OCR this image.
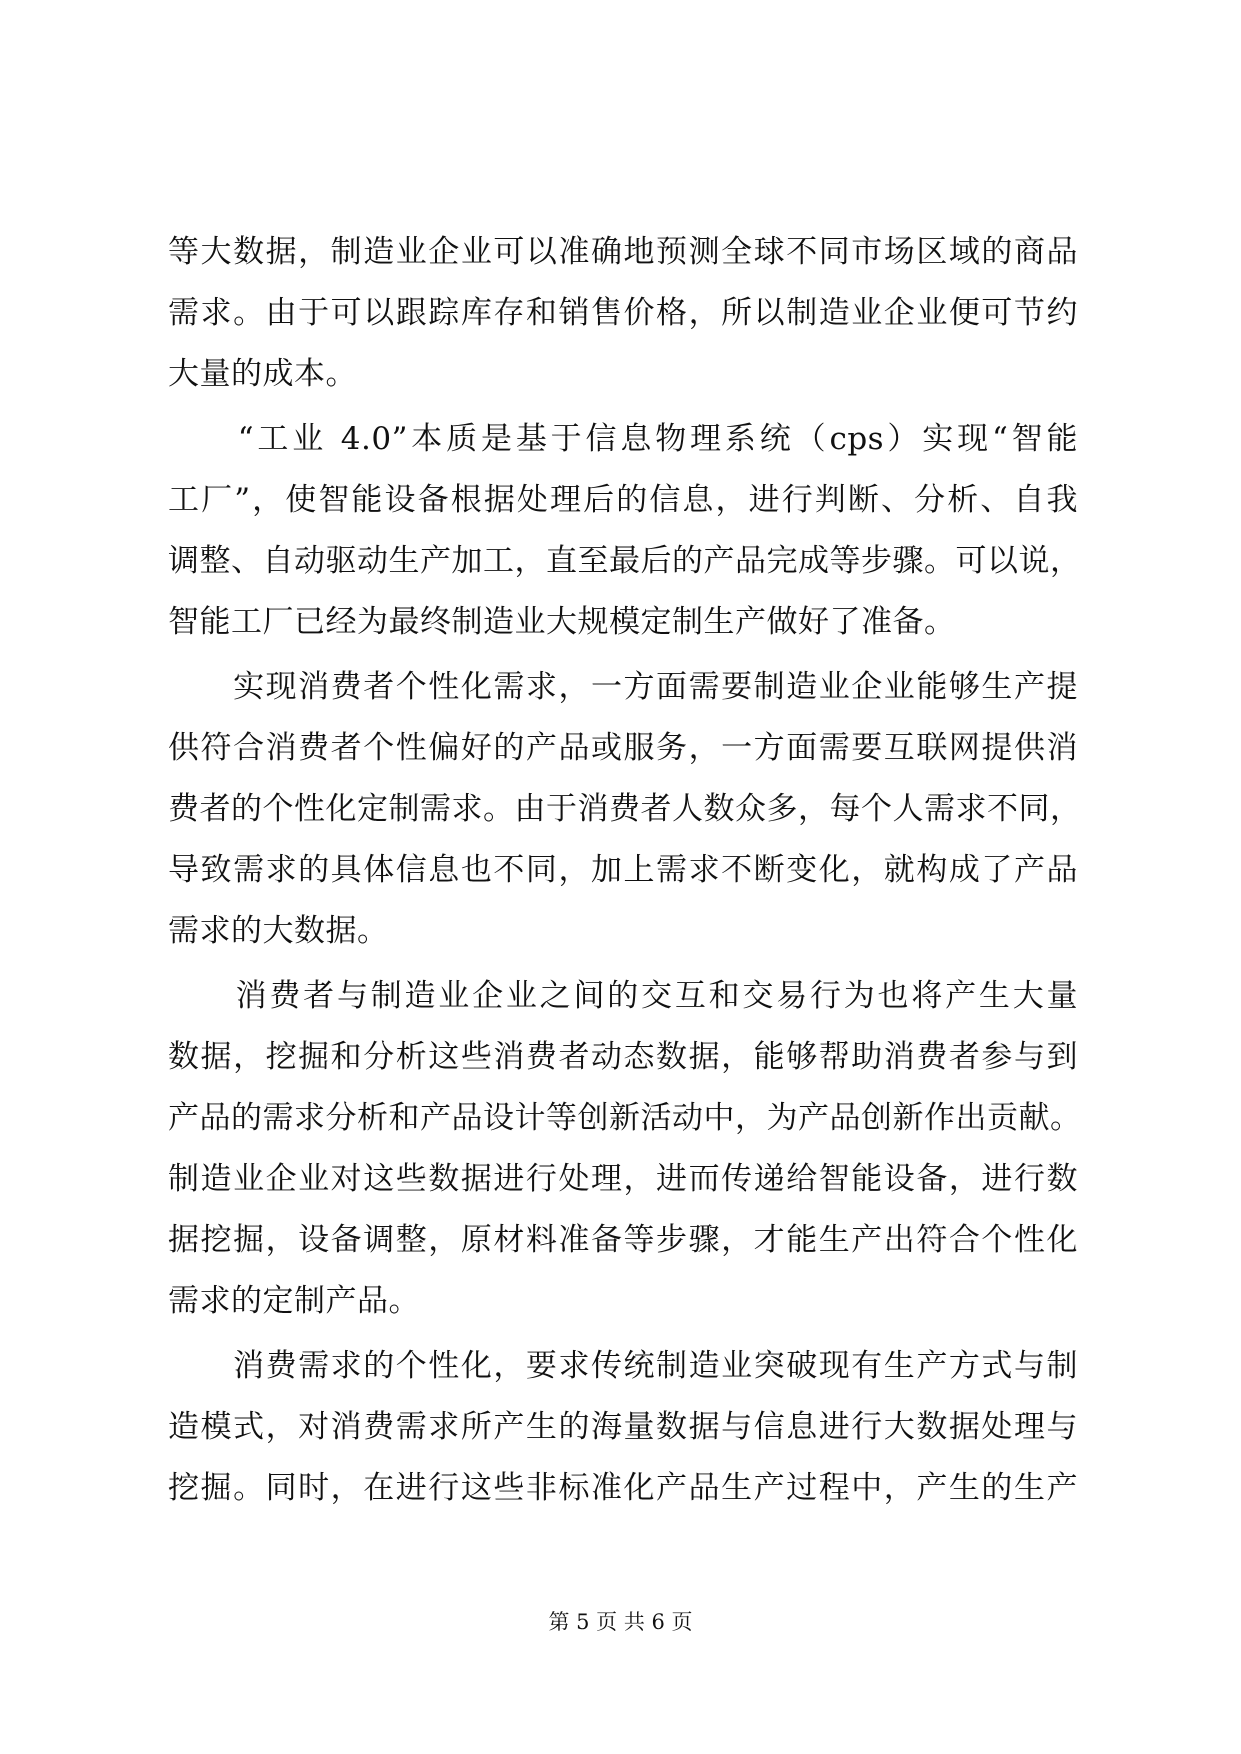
等大数据，制造业企业可以准确地预测全球不同市场区域的商品
需求。由于可以跟踪库存和销售价格，所以制造业企业便可节约
大量的成本。
　　“工业 4.0”本质是基于信息物理系统（cps）实现“智能
工厂”，使智能设备根据处理后的信息，进行判断、分析、自我
调整、自动驱动生产加工，直至最后的产品完成等步骤。可以说，
智能工厂已经为最终制造业大规模定制生产做好了准备。
　　实现消费者个性化需求，一方面需要制造业企业能够生产提
供符合消费者个性偏好的产品或服务，一方面需要互联网提供消
费者的个性化定制需求。由于消费者人数众多，每个人需求不同，
导致需求的具体信息也不同，加上需求不断变化，就构成了产品
需求的大数据。
　　消费者与制造业企业之间的交互和交易行为也将产生大量
数据，挖掘和分析这些消费者动态数据，能够帮助消费者参与到
产品的需求分析和产品设计等创新活动中，为产品创新作出贡献。
制造业企业对这些数据进行处理，进而传递给智能设备，进行数
据挖掘，设备调整，原材料准备等步骤，才能生产出符合个性化
需求的定制产品。
　　消费需求的个性化，要求传统制造业突破现有生产方式与制
造模式，对消费需求所产生的海量数据与信息进行大数据处理与
挖掘。同时，在进行这些非标准化产品生产过程中，产生的生产
第 5 页 共 6 页
